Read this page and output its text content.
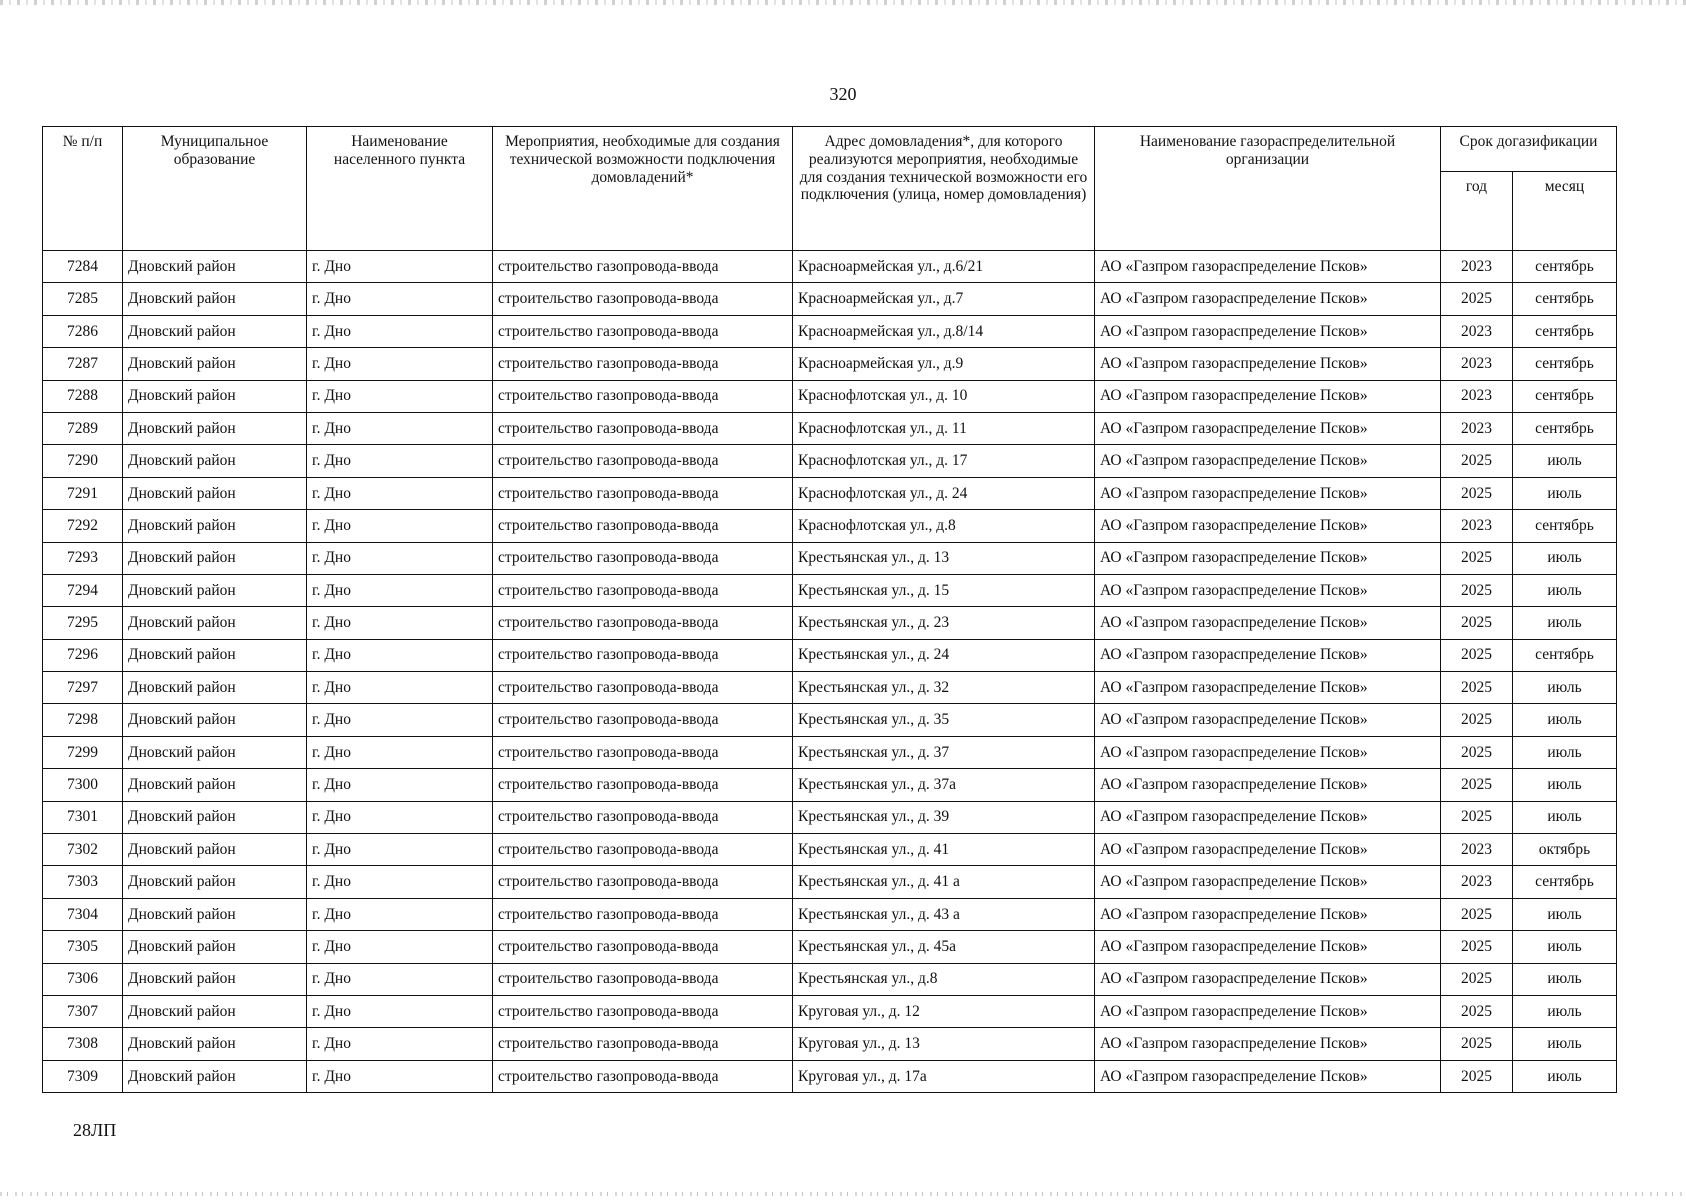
320
№ п/п	Муниципальное образование	Наименование населенного пункта	Мероприятия, необходимые для создания технической возможности подключения домовладений*	Адрес домовладения*, для которого реализуются мероприятия, необходимые для создания технической возможности его подключения (улица, номер домовладения)	Наименование газораспределительной организации	Срок догазификации	
						год	месяц
7284	Дновский район	г. Дно	строительство газопровода-ввода	Красноармейская ул., д.6/21	АО «Газпром газораспределение Псков»	2023	сентябрь
7285	Дновский район	г. Дно	строительство газопровода-ввода	Красноармейская ул., д.7	АО «Газпром газораспределение Псков»	2025	сентябрь
7286	Дновский район	г. Дно	строительство газопровода-ввода	Красноармейская ул., д.8/14	АО «Газпром газораспределение Псков»	2023	сентябрь
7287	Дновский район	г. Дно	строительство газопровода-ввода	Красноармейская ул., д.9	АО «Газпром газораспределение Псков»	2023	сентябрь
7288	Дновский район	г. Дно	строительство газопровода-ввода	Краснофлотская ул., д. 10	АО «Газпром газораспределение Псков»	2023	сентябрь
7289	Дновский район	г. Дно	строительство газопровода-ввода	Краснофлотская ул., д. 11	АО «Газпром газораспределение Псков»	2023	сентябрь
7290	Дновский район	г. Дно	строительство газопровода-ввода	Краснофлотская ул., д. 17	АО «Газпром газораспределение Псков»	2025	июль
7291	Дновский район	г. Дно	строительство газопровода-ввода	Краснофлотская ул., д. 24	АО «Газпром газораспределение Псков»	2025	июль
7292	Дновский район	г. Дно	строительство газопровода-ввода	Краснофлотская ул., д.8	АО «Газпром газораспределение Псков»	2023	сентябрь
7293	Дновский район	г. Дно	строительство газопровода-ввода	Крестьянская ул., д. 13	АО «Газпром газораспределение Псков»	2025	июль
7294	Дновский район	г. Дно	строительство газопровода-ввода	Крестьянская ул., д. 15	АО «Газпром газораспределение Псков»	2025	июль
7295	Дновский район	г. Дно	строительство газопровода-ввода	Крестьянская ул., д. 23	АО «Газпром газораспределение Псков»	2025	июль
7296	Дновский район	г. Дно	строительство газопровода-ввода	Крестьянская ул., д. 24	АО «Газпром газораспределение Псков»	2025	сентябрь
7297	Дновский район	г. Дно	строительство газопровода-ввода	Крестьянская ул., д. 32	АО «Газпром газораспределение Псков»	2025	июль
7298	Дновский район	г. Дно	строительство газопровода-ввода	Крестьянская ул., д. 35	АО «Газпром газораспределение Псков»	2025	июль
7299	Дновский район	г. Дно	строительство газопровода-ввода	Крестьянская ул., д. 37	АО «Газпром газораспределение Псков»	2025	июль
7300	Дновский район	г. Дно	строительство газопровода-ввода	Крестьянская ул., д. 37а	АО «Газпром газораспределение Псков»	2025	июль
7301	Дновский район	г. Дно	строительство газопровода-ввода	Крестьянская ул., д. 39	АО «Газпром газораспределение Псков»	2025	июль
7302	Дновский район	г. Дно	строительство газопровода-ввода	Крестьянская ул., д. 41	АО «Газпром газораспределение Псков»	2023	октябрь
7303	Дновский район	г. Дно	строительство газопровода-ввода	Крестьянская ул., д. 41 а	АО «Газпром газораспределение Псков»	2023	сентябрь
7304	Дновский район	г. Дно	строительство газопровода-ввода	Крестьянская ул., д. 43 а	АО «Газпром газораспределение Псков»	2025	июль
7305	Дновский район	г. Дно	строительство газопровода-ввода	Крестьянская ул., д. 45а	АО «Газпром газораспределение Псков»	2025	июль
7306	Дновский район	г. Дно	строительство газопровода-ввода	Крестьянская ул., д.8	АО «Газпром газораспределение Псков»	2025	июль
7307	Дновский район	г. Дно	строительство газопровода-ввода	Круговая ул., д. 12	АО «Газпром газораспределение Псков»	2025	июль
7308	Дновский район	г. Дно	строительство газопровода-ввода	Круговая ул., д. 13	АО «Газпром газораспределение Псков»	2025	июль
7309	Дновский район	г. Дно	строительство газопровода-ввода	Круговая ул., д. 17а	АО «Газпром газораспределение Псков»	2025	июль
28ЛП
